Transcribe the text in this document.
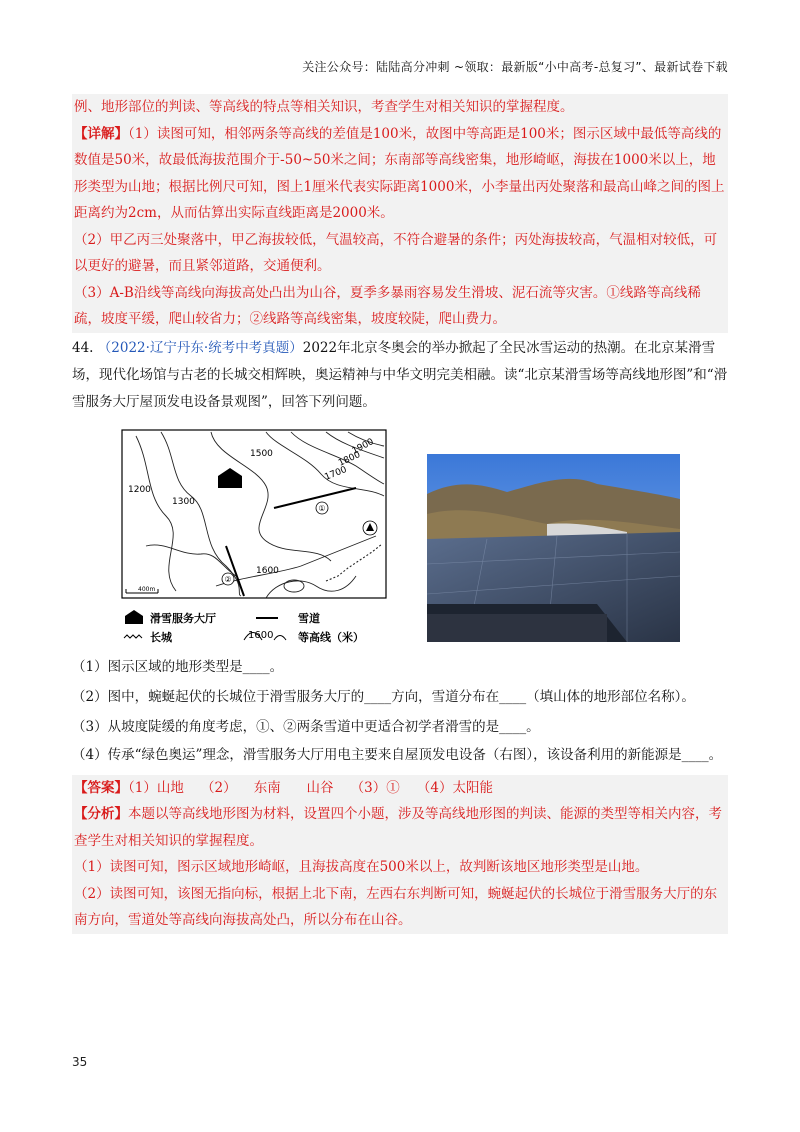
关注公众号：陆陆高分冲刺 ~领取：最新版“小中高考-总复习”、最新试卷下载

例、地形部位的判读、等高线的特点等相关知识，考查学生对相关知识的掌握程度。

【详解】（1）读图可知，相邻两条等高线的差值是100米，故图中等高距是100米；图示区域中最低等高线的数值是50米，故最低海拔范围介于-50~50米之间；东南部等高线密集，地形崎岖，海拔在1000米以上，地形类型为山地；根据比例尺可知，图上1厘米代表实际距离1000米，小李量出丙处聚落和最高山峰之间的图上距离约为2cm，从而估算出实际直线距离是2000米。

（2）甲乙丙三处聚落中，甲乙海拔较低，气温较高，不符合避暑的条件；丙处海拔较高，气温相对较低，可以更好的避暑，而且紧邻道路，交通便利。

（3）A-B沿线等高线向海拔高处凸出为山谷，夏季多暴雨容易发生滑坡、泥石流等灾害。①线路等高线稀疏，坡度平缓，爬山较省力；②线路等高线密集，坡度较陡，爬山费力。

44. （2022·辽宁丹东·统考中考真题）2022年北京冬奥会的举办掀起了全民冰雪运动的热潮。在北京某滑雪场，现代化场馆与古老的长城交相辉映，奥运精神与中华文明完美相融。读“北京某滑雪场等高线地形图”和“滑雪服务大厅屋顶发电设备景观图”，回答下列问题。

①
②
1200
1300
1500
1600
1700
1800
1900
400m
滑雪服务大厅	雪道
长城	1600 等高线（米）

（1）图示区域的地形类型是____。

（2）图中，蜿蜒起伏的长城位于滑雪服务大厅的____方向，雪道分布在____（填山体的地形部位名称）。

（3）从坡度陡缓的角度考虑，①、②两条雪道中更适合初学者滑雪的是____。

（4）传承“绿色奥运”理念，滑雪服务大厅用电主要来自屋顶发电设备（右图），该设备利用的新能源是____。

【答案】（1）山地    （2）    东南      山谷    （3）①    （4）太阳能

【分析】本题以等高线地形图为材料，设置四个小题，涉及等高线地形图的判读、能源的类型等相关内容，考查学生对相关知识的掌握程度。

（1）读图可知，图示区域地形崎岖，且海拔高度在500米以上，故判断该地区地形类型是山地。

（2）读图可知，该图无指向标，根据上北下南，左西右东判断可知，蜿蜒起伏的长城位于滑雪服务大厅的东南方向，雪道处等高线向海拔高处凸，所以分布在山谷。

35
